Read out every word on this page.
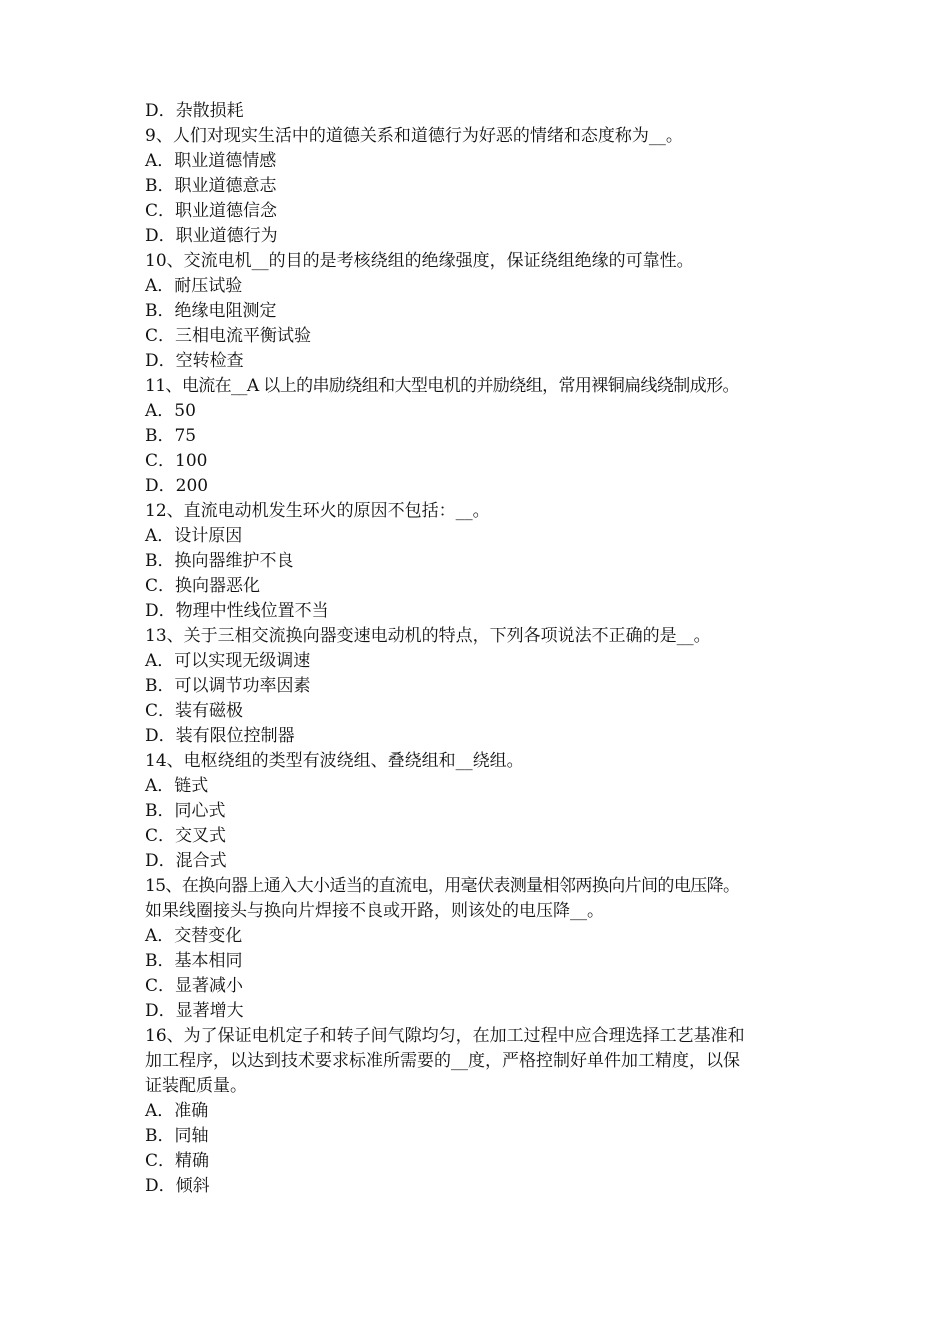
D．杂散损耗
9、人们对现实生活中的道德关系和道德行为好恶的情绪和态度称为__。
A．职业道德情感
B．职业道德意志
C．职业道德信念
D．职业道德行为
10、交流电机__的目的是考核绕组的绝缘强度，保证绕组绝缘的可靠性。
A．耐压试验
B．绝缘电阻测定
C．三相电流平衡试验
D．空转检查
11、电流在__A 以上的串励绕组和大型电机的并励绕组，常用裸铜扁线绕制成形。
A．50
B．75
C．100
D．200
12、直流电动机发生环火的原因不包括：__。
A．设计原因
B．换向器维护不良
C．换向器恶化
D．物理中性线位置不当
13、关于三相交流换向器变速电动机的特点，下列各项说法不正确的是__。
A．可以实现无级调速
B．可以调节功率因素
C．装有磁极
D．装有限位控制器
14、电枢绕组的类型有波绕组、叠绕组和__绕组。
A．链式
B．同心式
C．交叉式
D．混合式
15、在换向器上通入大小适当的直流电，用毫伏表测量相邻两换向片间的电压降。
如果线圈接头与换向片焊接不良或开路，则该处的电压降__。
A．交替变化
B．基本相同
C．显著减小
D．显著增大
16、为了保证电机定子和转子间气隙均匀，在加工过程中应合理选择工艺基准和
加工程序，以达到技术要求标准所需要的__度，严格控制好单件加工精度，以保
证装配质量。
A．准确
B．同轴
C．精确
D．倾斜
